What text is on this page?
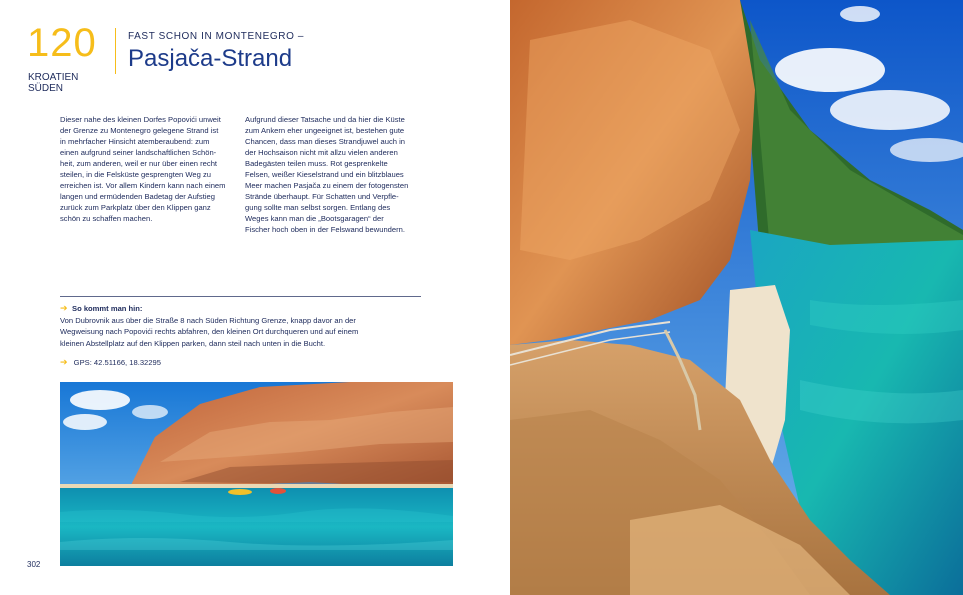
120
KROATIEN
SÜDEN
FAST SCHON IN MONTENEGRO –
Pasjača-Strand
Dieser nahe des kleinen Dorfes Popovići unweit
der Grenze zu Montenegro gelegene Strand ist
in mehrfacher Hinsicht atemberaubend: zum
einen aufgrund seiner landschaftlichen Schön-
heit, zum anderen, weil er nur über einen recht
steilen, in die Felsküste gesprengten Weg zu
erreichen ist. Vor allem Kindern kann nach einem
langen und ermüdenden Badetag der Aufstieg
zurück zum Parkplatz über den Klippen ganz
schön zu schaffen machen.
Aufgrund dieser Tatsache und da hier die Küste
zum Ankern eher ungeeignet ist, bestehen gute
Chancen, dass man dieses Strandjuwel auch in
der Hochsaison nicht mit allzu vielen anderen
Badegästen teilen muss. Rot gesprenkelte
Felsen, weißer Kieselstrand und ein blitzblaues
Meer machen Pasjača zu einem der fotogensten
Strände überhaupt. Für Schatten und Verpfle-
gung sollte man selbst sorgen. Entlang des
Weges kann man die „Bootsgaragen“ der
Fischer hoch oben in der Felswand bewundern.
➔ So kommt man hin:
Von Dubrovnik aus über die Straße 8 nach Süden Richtung Grenze, knapp davor an der
Wegweisung nach Popovići rechts abfahren, den kleinen Ort durchqueren und auf einem
kleinen Abstellplatz auf den Klippen parken, dann steil nach unten in die Bucht.
➔ GPS: 42.51166, 18.32295
302
